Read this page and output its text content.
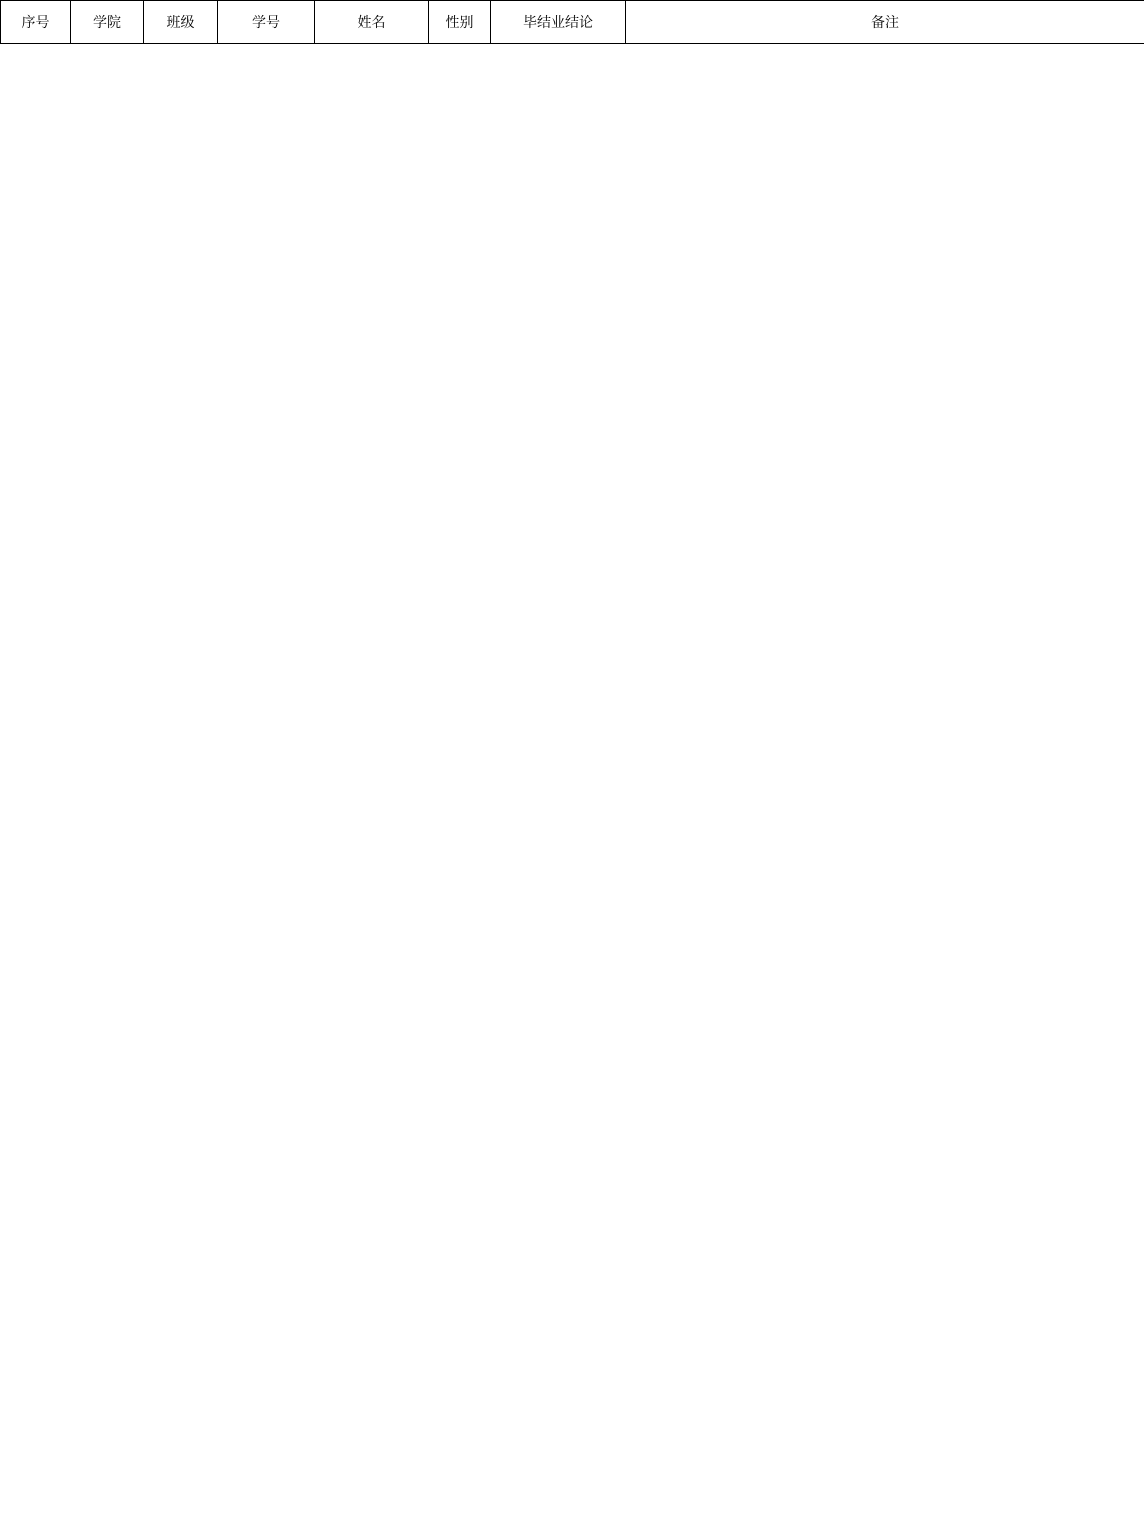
序号	学院	班级	学号	姓名	性别	毕结业结论	备注
